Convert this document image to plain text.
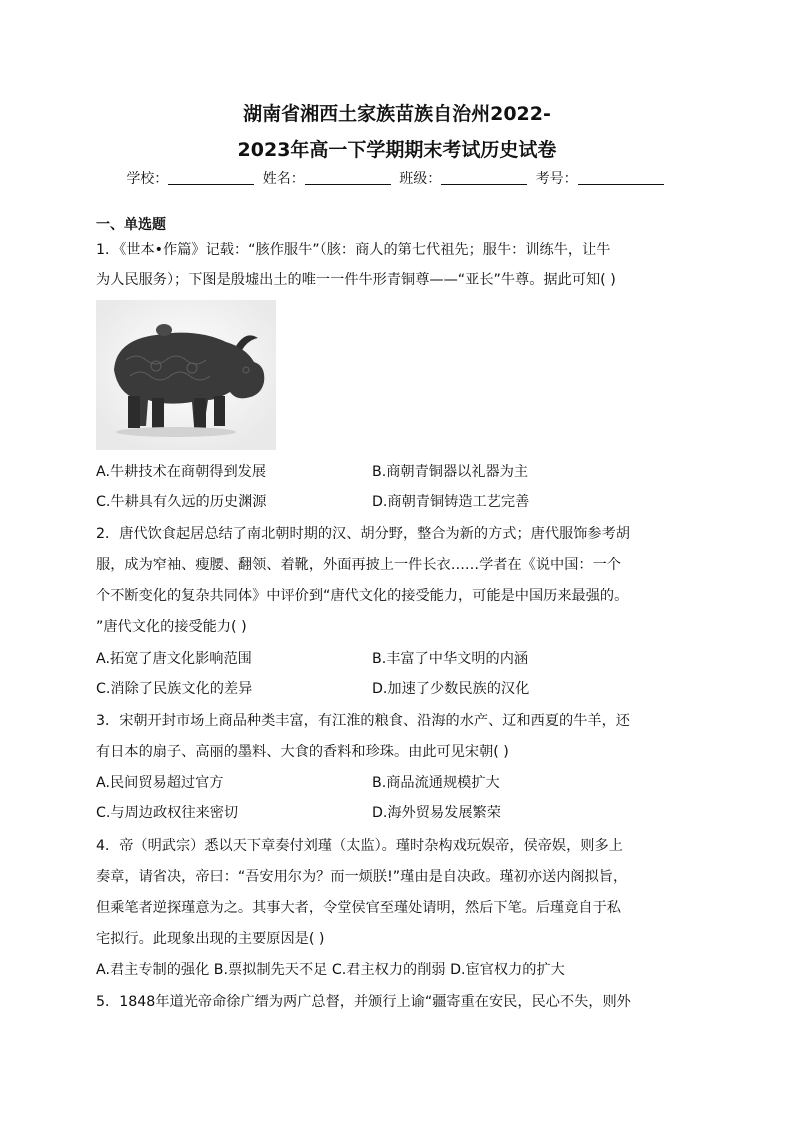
湖南省湘西土家族苗族自治州2022-
2023年高一下学期期末考试历史试卷
学校：	姓名：	班级：	考号：
一、单选题
1．《世本•作篇》记载：“胲作服牛”（胲：商人的第七代祖先；服牛：训练牛，让牛
为人民服务）；下图是殷墟出土的唯一一件牛形青铜尊——“亚长”牛尊。据此可知( )
A.牛耕技术在商朝得到发展	B.商朝青铜器以礼器为主
C.牛耕具有久远的历史渊源	D.商朝青铜铸造工艺完善
2．唐代饮食起居总结了南北朝时期的汉、胡分野，整合为新的方式；唐代服饰参考胡
服，成为窄袖、瘦腰、翻领、着靴，外面再披上一件长衣……学者在《说中国：一个
个不断变化的复杂共同体》中评价到“唐代文化的接受能力，可能是中国历来最强的。
”唐代文化的接受能力( )
A.拓宽了唐文化影响范围	B.丰富了中华文明的内涵
C.消除了民族文化的差异	D.加速了少数民族的汉化
3．宋朝开封市场上商品种类丰富，有江淮的粮食、沿海的水产、辽和西夏的牛羊，还
有日本的扇子、高丽的墨料、大食的香料和珍珠。由此可见宋朝( )
A.民间贸易超过官方	B.商品流通规模扩大
C.与周边政权往来密切	D.海外贸易发展繁荣
4．帝（明武宗）悉以天下章奏付刘瑾（太监）。瑾时杂构戏玩娱帝，侯帝娱，则多上
奏章，请省决，帝曰：“吾安用尔为？而一烦朕!”瑾由是自决政。瑾初亦送内阁拟旨，
但乘笔者逆探瑾意为之。其事大者，令堂侯官至瑾处请明，然后下笔。后瑾竟自于私
宅拟行。此现象出现的主要原因是( )
A.君主专制的强化 B.票拟制先天不足 C.君主权力的削弱 D.宦官权力的扩大
5．1848年道光帝命徐广缙为两广总督，并颁行上谕“疆寄重在安民，民心不失，则外
